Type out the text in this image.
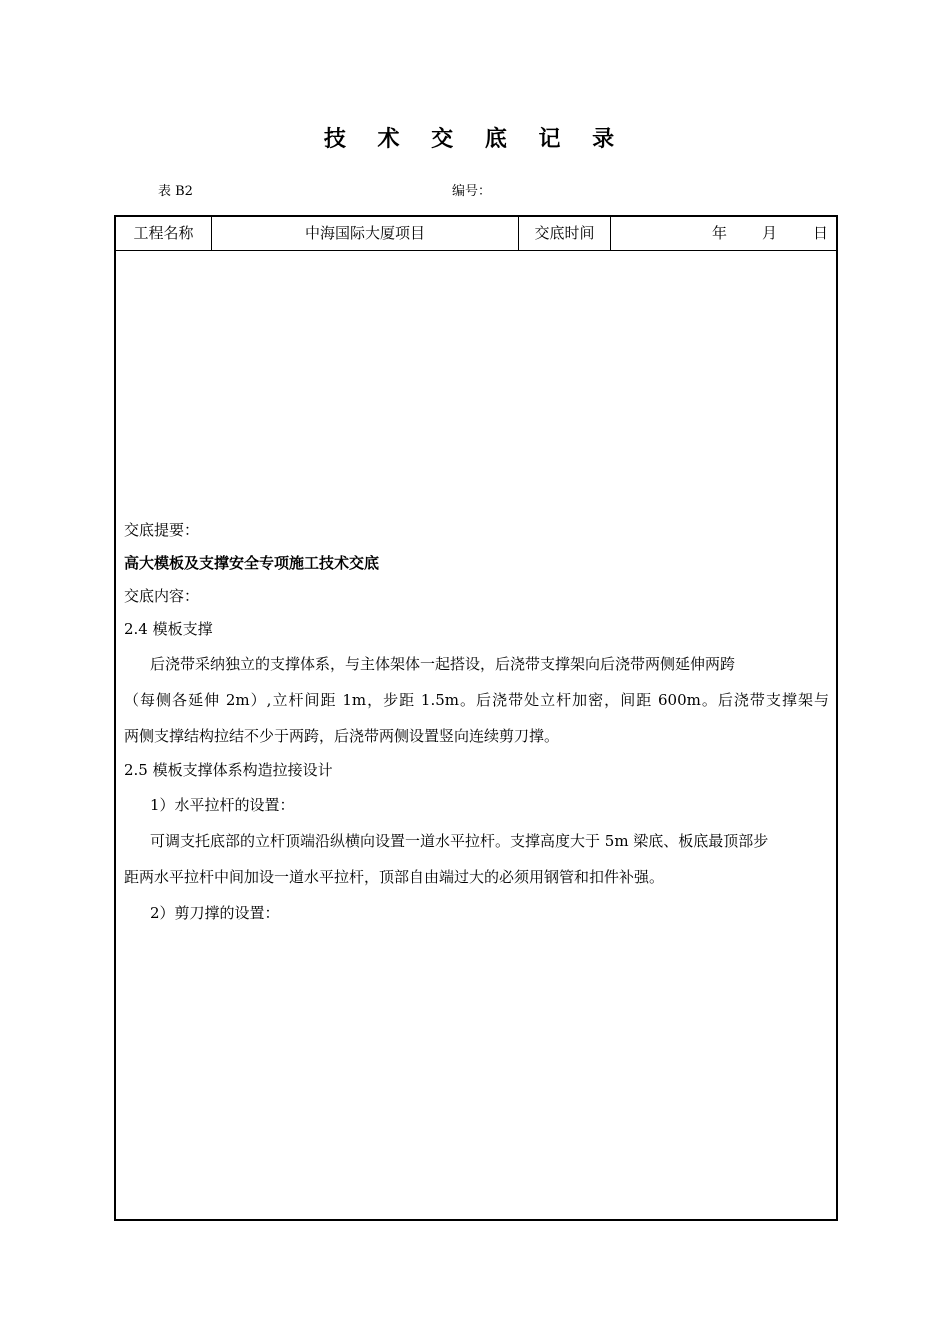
技 术 交 底 记 录
表 B2	编号：
工程名称	中海国际大厦项目	交底时间	年 月 日

交底提要：

高大模板及支撑安全专项施工技术交底

交底内容：

2.4 模板支撑

后浇带采纳独立的支撑体系，与主体架体一起搭设，后浇带支撑架向后浇带两侧延伸两跨

（每侧各延伸 2m）,立杆间距 1m，步距 1.5m。后浇带处立杆加密，间距 600m。后浇带支撑架与

两侧支撑结构拉结不少于两跨，后浇带两侧设置竖向连续剪刀撑。

2.5 模板支撑体系构造拉接设计

1）水平拉杆的设置：

可调支托底部的立杆顶端沿纵横向设置一道水平拉杆。支撑高度大于 5m 梁底、板底最顶部步

距两水平拉杆中间加设一道水平拉杆，顶部自由端过大的必须用钢管和扣件补强。

2）剪刀撑的设置：
